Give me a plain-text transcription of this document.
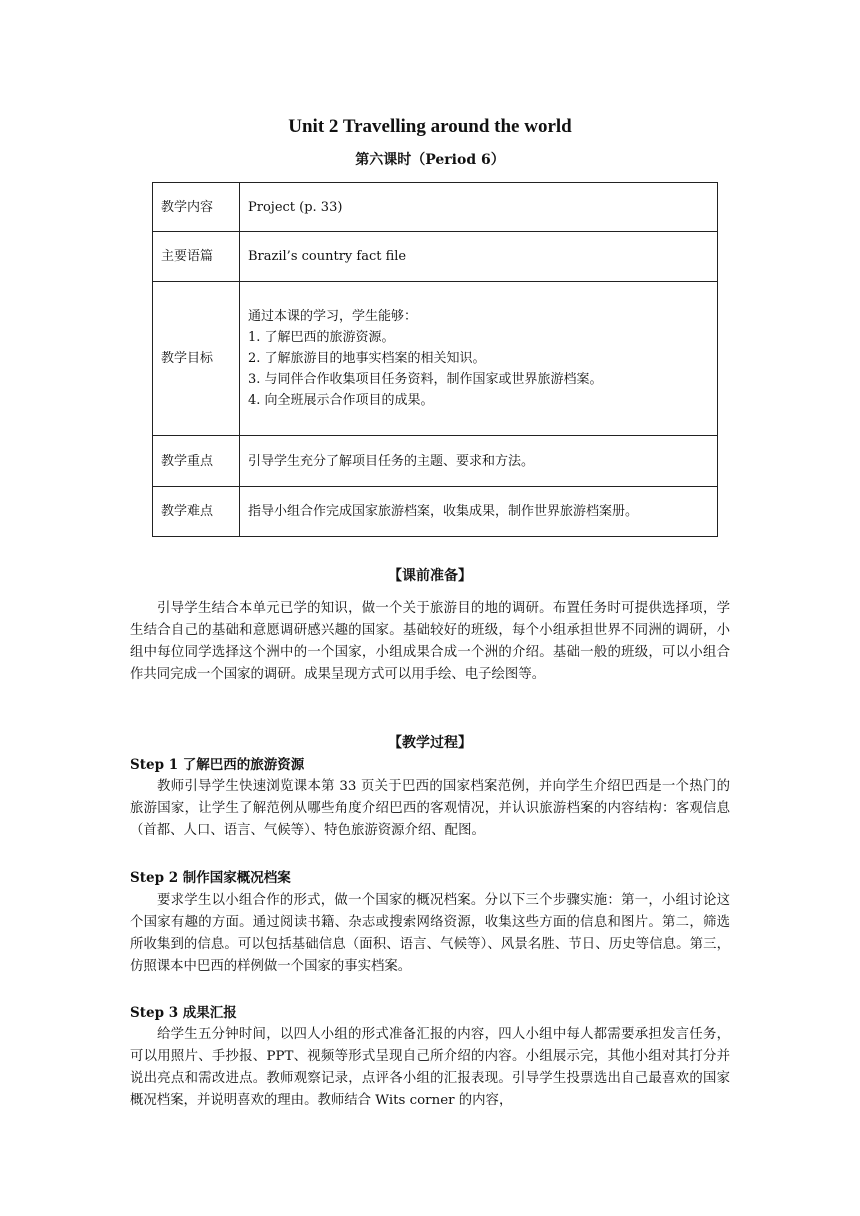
Unit 2 Travelling around the world
第六课时（Period 6）
教学内容	Project (p. 33)
主要语篇	Brazil’s country fact file
教学目标	通过本课的学习，学生能够：
1. 了解巴西的旅游资源。
2. 了解旅游目的地事实档案的相关知识。
3. 与同伴合作收集项目任务资料，制作国家或世界旅游档案。
4. 向全班展示合作项目的成果。

教学重点	引导学生充分了解项目任务的主题、要求和方法。
教学难点	指导小组合作完成国家旅游档案，收集成果，制作世界旅游档案册。
【课前准备】

引导学生结合本单元已学的知识，做一个关于旅游目的地的调研。布置任务时可提供选择项，学生结合自己的基础和意愿调研感兴趣的国家。基础较好的班级，每个小组承担世界不同洲的调研，小组中每位同学选择这个洲中的一个国家，小组成果合成一个洲的介绍。基础一般的班级，可以小组合作共同完成一个国家的调研。成果呈现方式可以用手绘、电子绘图等。

【教学过程】
Step 1 了解巴西的旅游资源

教师引导学生快速浏览课本第 33 页关于巴西的国家档案范例，并向学生介绍巴西是一个热门的旅游国家，让学生了解范例从哪些角度介绍巴西的客观情况，并认识旅游档案的内容结构：客观信息（首都、人口、语言、气候等）、特色旅游资源介绍、配图。

Step 2 制作国家概况档案

要求学生以小组合作的形式，做一个国家的概况档案。分以下三个步骤实施：第一，小组讨论这个国家有趣的方面。通过阅读书籍、杂志或搜索网络资源，收集这些方面的信息和图片。第二，筛选所收集到的信息。可以包括基础信息（面积、语言、气候等）、风景名胜、节日、历史等信息。第三，仿照课本中巴西的样例做一个国家的事实档案。

Step 3 成果汇报

给学生五分钟时间，以四人小组的形式准备汇报的内容，四人小组中每人都需要承担发言任务，可以用照片、手抄报、PPT、视频等形式呈现自己所介绍的内容。小组展示完，其他小组对其打分并说出亮点和需改进点。教师观察记录，点评各小组的汇报表现。引导学生投票选出自己最喜欢的国家概况档案，并说明喜欢的理由。教师结合 Wits corner 的内容，
